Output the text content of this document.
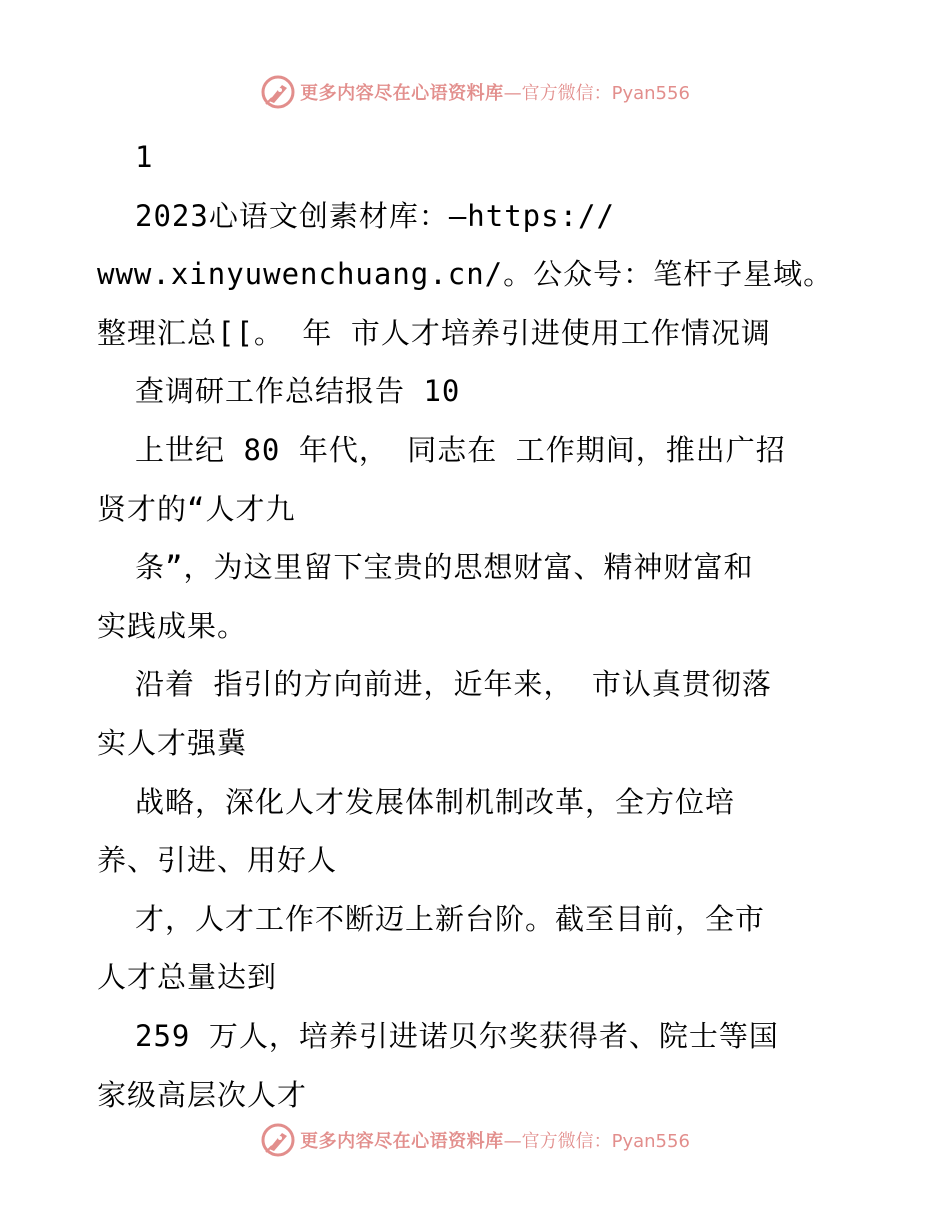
更多内容尽在心语资料库 —官方微信：Pyan556
1
2023心语文创素材库：—https://
www.xinyuwenchuang.cn/。公众号：笔杆子星域。
整理汇总[[。 年 市人才培养引进使用工作情况调
查调研工作总结报告 10
上世纪 80 年代， 同志在 工作期间，推出广招
贤才的“人才九
条”，为这里留下宝贵的思想财富、精神财富和
实践成果。
沿着 指引的方向前进，近年来， 市认真贯彻落
实人才强冀
战略，深化人才发展体制机制改革，全方位培
养、引进、用好人
才，人才工作不断迈上新台阶。截至目前，全市
人才总量达到
259 万人，培养引进诺贝尔奖获得者、院士等国
家级高层次人才
更多内容尽在心语资料库 —官方微信：Pyan556
